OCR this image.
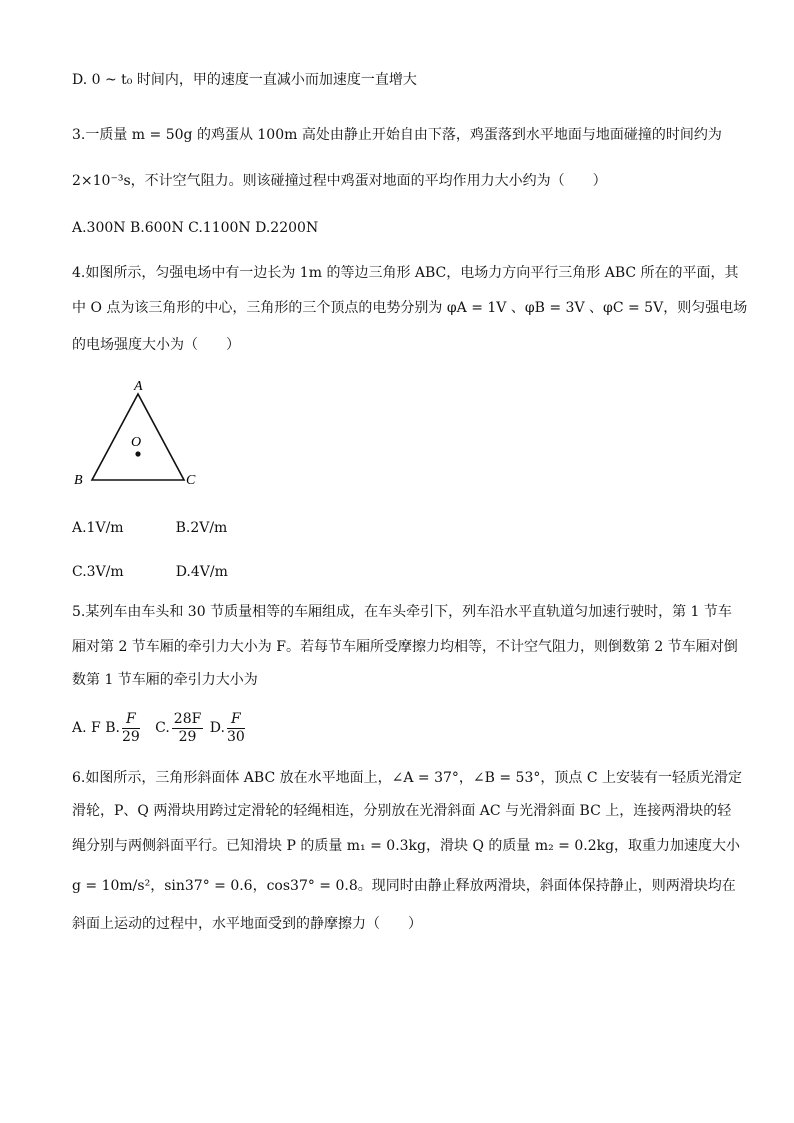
D. 0 ~ t₀ 时间内，甲的速度一直减小而加速度一直增大
3.一质量 m = 50g 的鸡蛋从 100m 高处由静止开始自由下落，鸡蛋落到水平地面与地面碰撞的时间约为
2×10⁻³s，不计空气阻力。则该碰撞过程中鸡蛋对地面的平均作用力大小约为（　　）
A.300N B.600N C.1100N D.2200N
4.如图所示，匀强电场中有一边长为 1m 的等边三角形 ABC，电场力方向平行三角形 ABC 所在的平面，其
中 O 点为该三角形的中心，三角形的三个顶点的电势分别为 φA = 1V 、φB = 3V 、φC = 5V，则匀强电场
的电场强度大小为（　　）
A
O
B	C
A.1V/m	B.2V/m
C.3V/m	D.4V/m
5.某列车由车头和 30 节质量相等的车厢组成，在车头牵引下，列车沿水平直轨道匀加速行驶时，第 1 节车
厢对第 2 节车厢的牵引力大小为 F。若每节车厢所受摩擦力均相等，不计空气阻力，则倒数第 2 节车厢对倒
数第 1 节车厢的牵引力大小为
A. F B. $\frac{F}{29} C$. $\frac{28F}{29} D$. $\frac{F}{30}$
6.如图所示，三角形斜面体 ABC 放在水平地面上，∠A = 37°，∠B = 53°，顶点 C 上安装有一轻质光滑定
滑轮，P、Q 两滑块用跨过定滑轮的轻绳相连，分别放在光滑斜面 AC 与光滑斜面 BC 上，连接两滑块的轻
绳分别与两侧斜面平行。已知滑块 P 的质量 m₁ = 0.3kg，滑块 Q 的质量 m₂ = 0.2kg，取重力加速度大小
g = 10m/s²，sin37° = 0.6，cos37° = 0.8。现同时由静止释放两滑块，斜面体保持静止，则两滑块均在
斜面上运动的过程中，水平地面受到的静摩擦力（　　）
